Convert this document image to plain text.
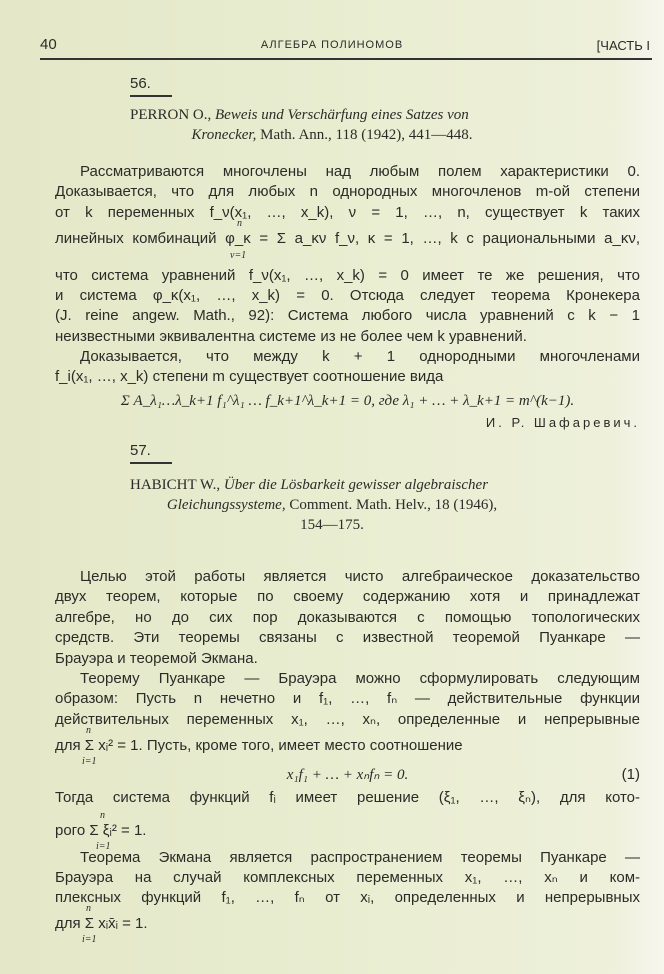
40	АЛГЕБРА ПОЛИНОМОВ	[ЧАСТЬ I
56.
PERRON O., Beweis und Verschärfung eines Satzes von
Kronecker, Math. Ann., 118 (1942), 441—448.
Рассматриваются многочлены над любым полем характеристики 0.
Доказывается, что для любых n однородных многочленов m-ой степени
от k переменных f_ν(x₁, …, x_k), ν = 1, …, n, существует k таких
n
линейных комбинаций φ_κ = Σ a_κν f_ν, κ = 1, …, k с рациональными a_κν,
ν=1
что система уравнений f_ν(x₁, …, x_k) = 0 имеет те же решения, что
и система φ_κ(x₁, …, x_k) = 0. Отсюда следует теорема Кронекера
(J. reine angew. Math., 92): Система любого числа уравнений с k − 1
неизвестными эквивалентна системе из не более чем k уравнений.
Доказывается, что между k + 1 однородными многочленами
f_i(x₁, …, x_k) степени m существует соотношение вида
Σ A_λ₁…λ_k+1 f₁^λ₁ … f_k+1^λ_k+1 = 0, где λ₁ + … + λ_k+1 = m^(k−1).
И. Р. Шафаревич.
57.
HABICHT W., Über die Lösbarkeit gewisser algebraischer
Gleichungssysteme, Comment. Math. Helv., 18 (1946),
154—175.
Целью этой работы является чисто алгебраическое доказательство
двух теорем, которые по своему содержанию хотя и принадлежат
алгебре, но до сих пор доказываются с помощью топологических
средств. Эти теоремы связаны с известной теоремой Пуанкаре —
Брауэра и теоремой Экмана.
Теорему Пуанкаре — Брауэра можно сформулировать следующим
образом: Пусть n нечетно и f₁, …, fₙ — действительные функции
действительных переменных x₁, …, xₙ, определенные и непрерывные
n
для Σ xᵢ² = 1. Пусть, кроме того, имеет место соотношение
i=1
x₁f₁ + … + xₙfₙ = 0.	(1)
Тогда система функций fᵢ имеет решение (ξ₁, …, ξₙ), для кото-
n
рого Σ ξᵢ² = 1.
i=1
Теорема Экмана является распространением теоремы Пуанкаре —
Брауэра на случай комплексных переменных x₁, …, xₙ и ком-
плексных функций f₁, …, fₙ от xᵢ, определенных и непрерывных
n
для Σ xᵢx̄ᵢ = 1.
i=1
